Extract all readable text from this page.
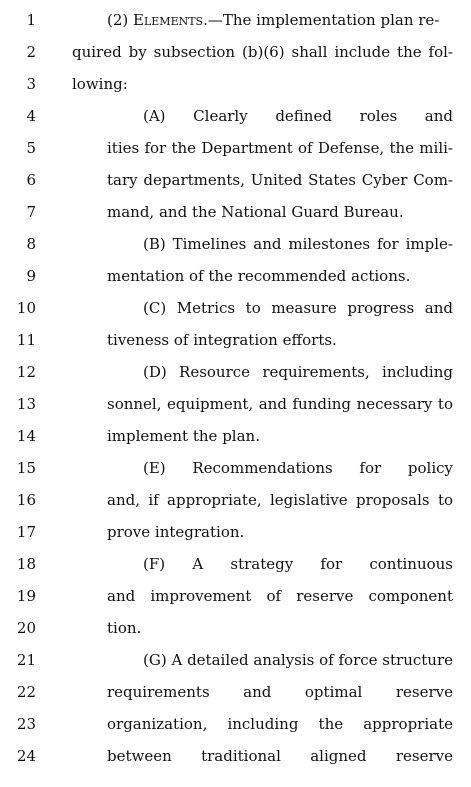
1	(2) Elements.—The implementation plan re-
2 quired by subsection (b)(6) shall include the fol-
3 lowing:
4	(A) Clearly defined roles and
5	ities for the Department of Defense, the mili-
6	tary departments, United States Cyber Com-
7	mand, and the National Guard Bureau.
8	(B) Timelines and milestones for imple-
9	mentation of the recommended actions.
10	(C) Metrics to measure progress and
11	tiveness of integration efforts.
12	(D) Resource requirements, including
13	sonnel, equipment, and funding necessary to
14	implement the plan.
15	(E) Recommendations for policy
16	and, if appropriate, legislative proposals to
17	prove integration.
18	(F) A strategy for continuous
19	and improvement of reserve component
20	tion.
21	(G) A detailed analysis of force structure
22	requirements and optimal reserve
23	organization, including the appropriate
24	between traditional aligned reserve
